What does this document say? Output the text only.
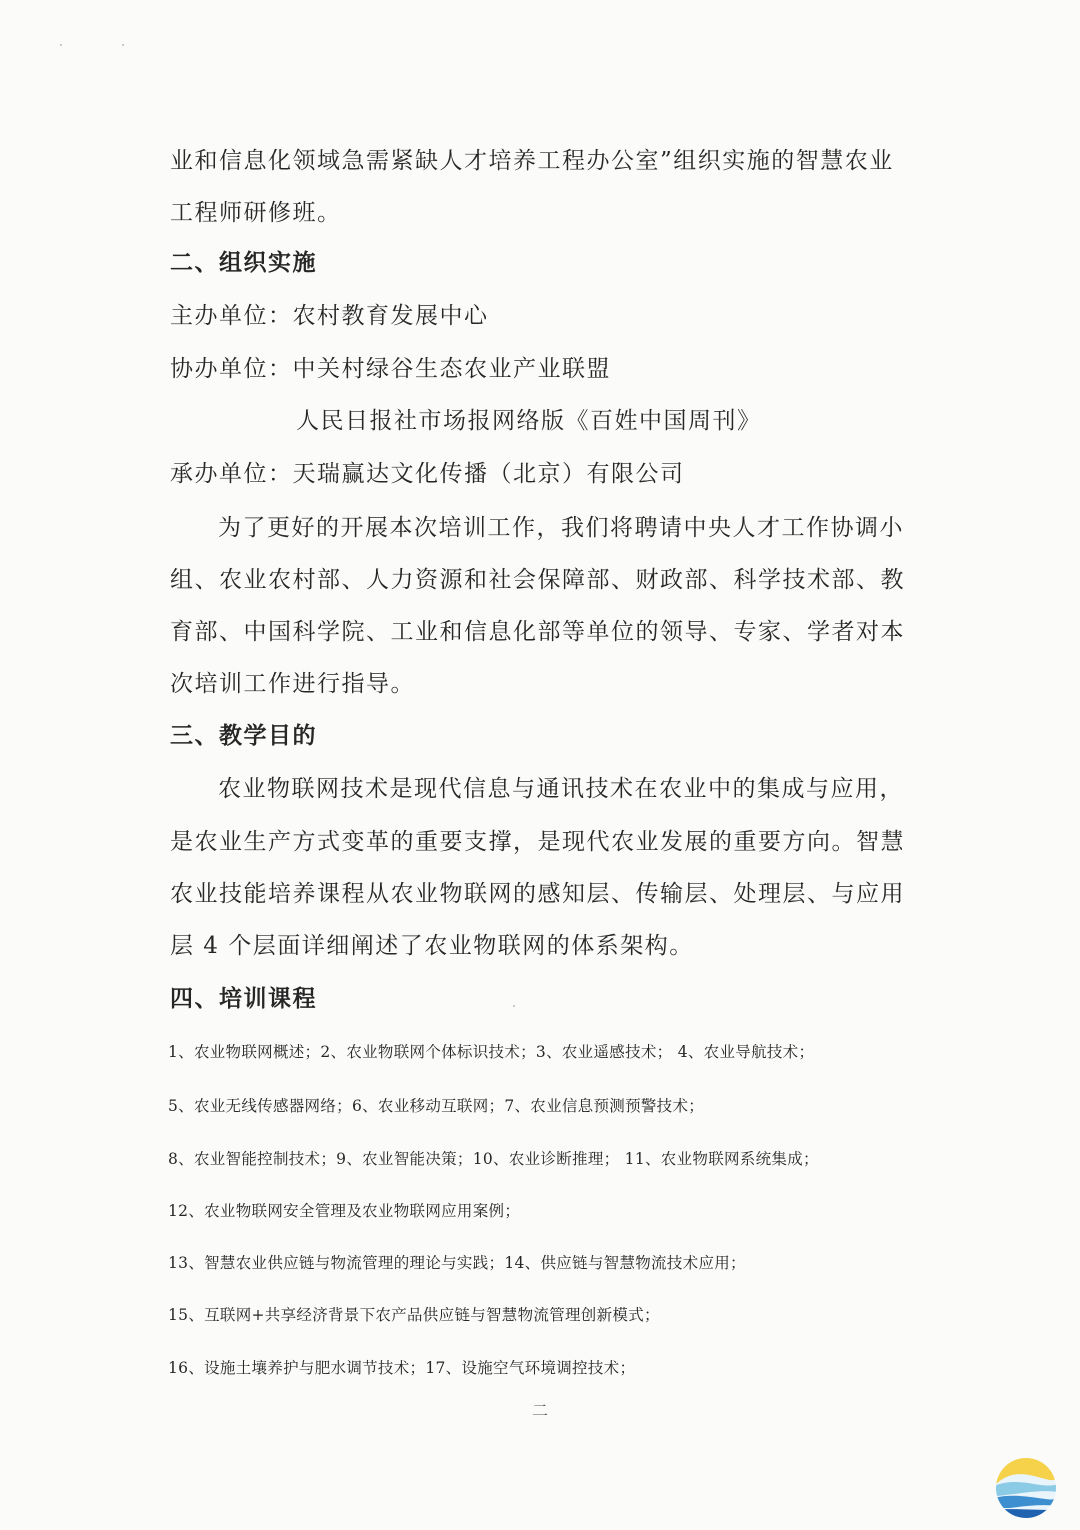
业和信息化领域急需紧缺人才培养工程办公室”组织实施的智慧农业
工程师研修班。
二、组织实施
主办单位：农村教育发展中心
协办单位：中关村绿谷生态农业产业联盟
人民日报社市场报网络版《百姓中国周刊》
承办单位：天瑞赢达文化传播（北京）有限公司
为了更好的开展本次培训工作，我们将聘请中央人才工作协调小
组、农业农村部、人力资源和社会保障部、财政部、科学技术部、教
育部、中国科学院、工业和信息化部等单位的领导、专家、学者对本
次培训工作进行指导。
三、教学目的
农业物联网技术是现代信息与通讯技术在农业中的集成与应用，
是农业生产方式变革的重要支撑，是现代农业发展的重要方向。智慧
农业技能培养课程从农业物联网的感知层、传输层、处理层、与应用
层 4 个层面详细阐述了农业物联网的体系架构。
四、培训课程
1、农业物联网概述；2、农业物联网个体标识技术；3、农业遥感技术； 4、农业导航技术；
5、农业无线传感器网络；6、农业移动互联网；7、农业信息预测预警技术；
8、农业智能控制技术；9、农业智能决策；10、农业诊断推理； 11、农业物联网系统集成；
12、农业物联网安全管理及农业物联网应用案例；
13、智慧农业供应链与物流管理的理论与实践；14、供应链与智慧物流技术应用；
15、互联网+共享经济背景下农产品供应链与智慧物流管理创新模式；
16、设施土壤养护与肥水调节技术；17、设施空气环境调控技术；
二
